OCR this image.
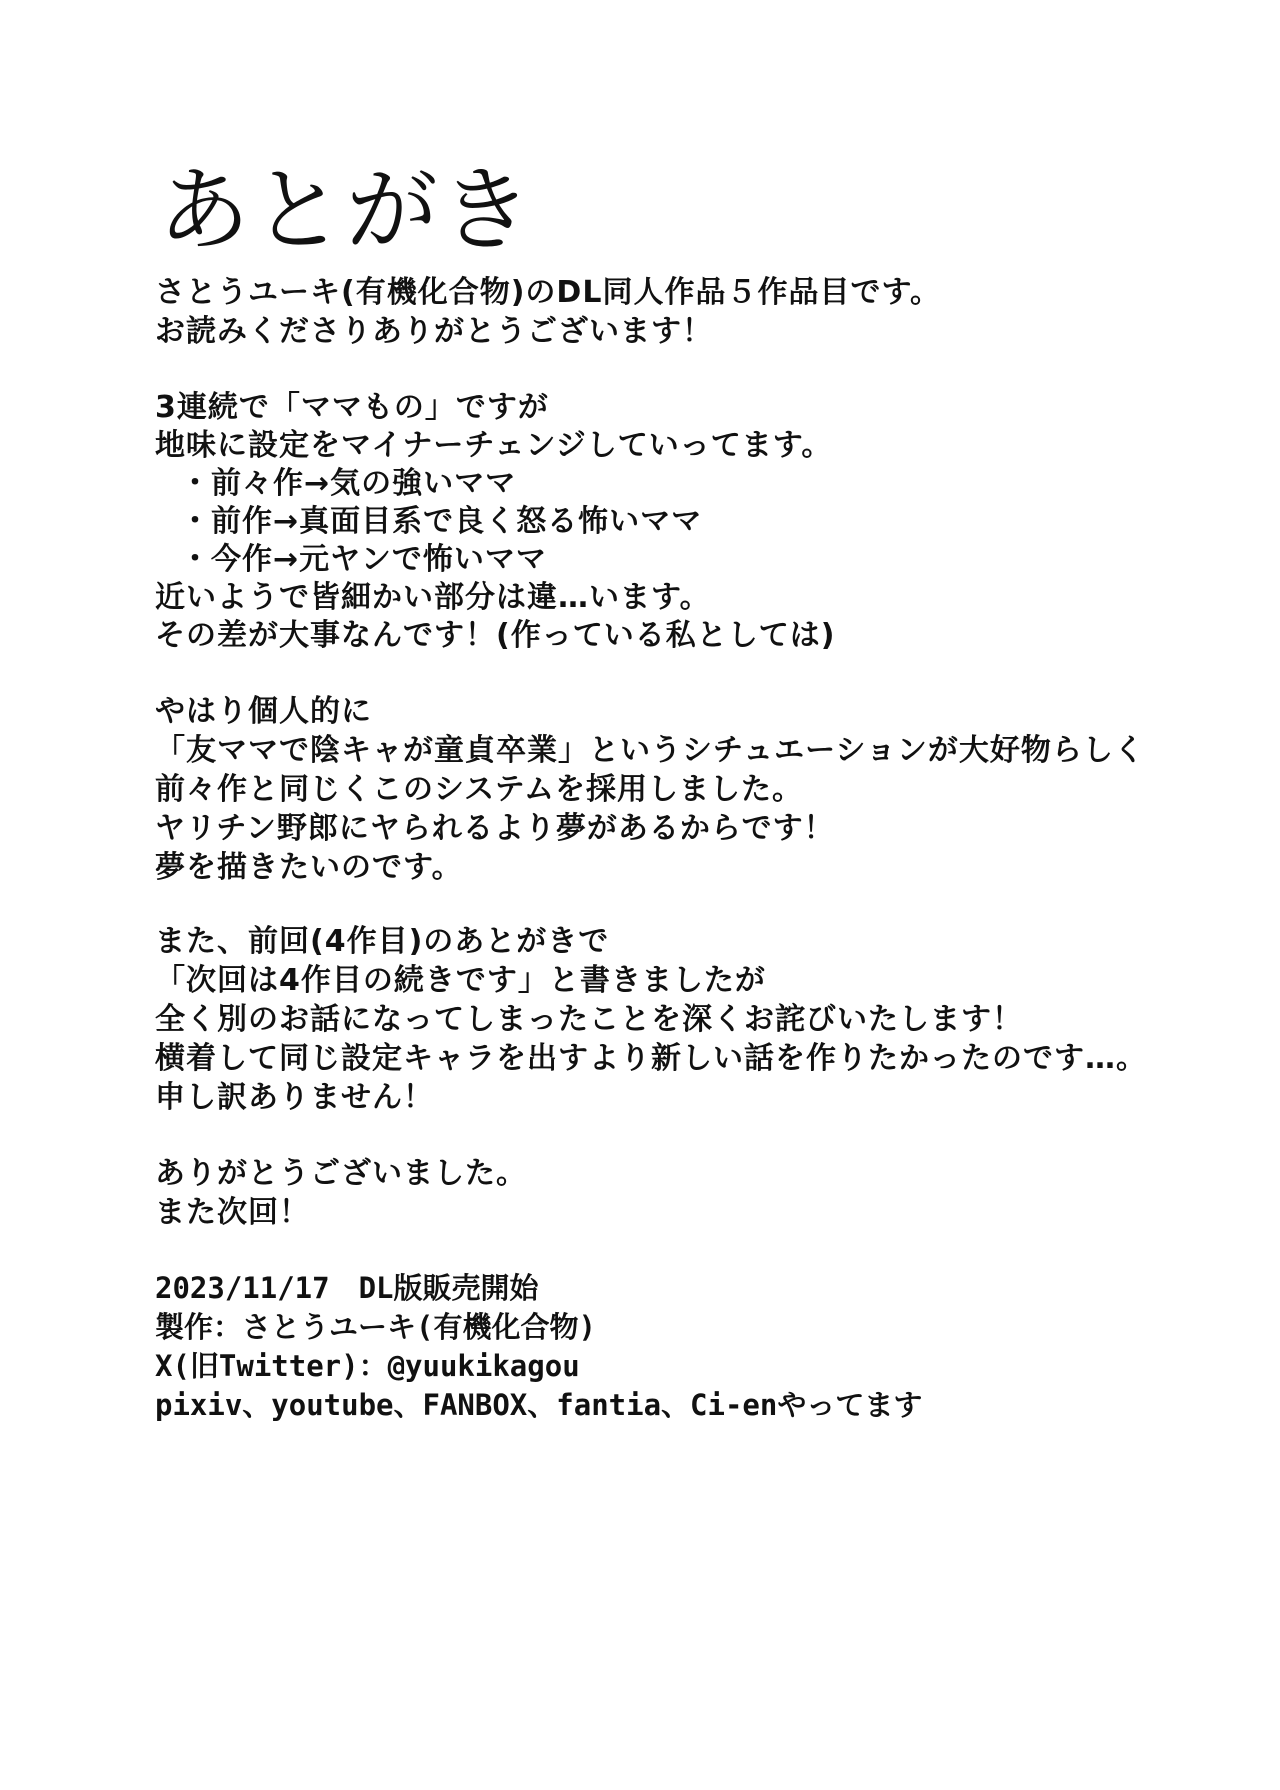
あとがき
さとうユーキ(有機化合物)のDL同人作品５作品目です。
お読みくださりありがとうございます！
3連続で「ママもの」ですが
地味に設定をマイナーチェンジしていってます。
・前々作→気の強いママ
・前作→真面目系で良く怒る怖いママ
・今作→元ヤンで怖いママ
近いようで皆細かい部分は違…います。
その差が大事なんです！(作っている私としては)
やはり個人的に
「友ママで陰キャが童貞卒業」というシチュエーションが大好物らしく
前々作と同じくこのシステムを採用しました。
ヤリチン野郎にヤられるより夢があるからです！
夢を描きたいのです。
また、前回(4作目)のあとがきで
「次回は4作目の続きです」と書きましたが
全く別のお話になってしまったことを深くお詫びいたします！
横着して同じ設定キャラを出すより新しい話を作りたかったのです…。
申し訳ありません！
ありがとうございました。
また次回！
2023/11/17　DL版販売開始
製作：さとうユーキ(有機化合物)
X(旧Twitter)：@yuukikagou
pixiv、youtube、FANBOX、fantia、Ci-enやってます
